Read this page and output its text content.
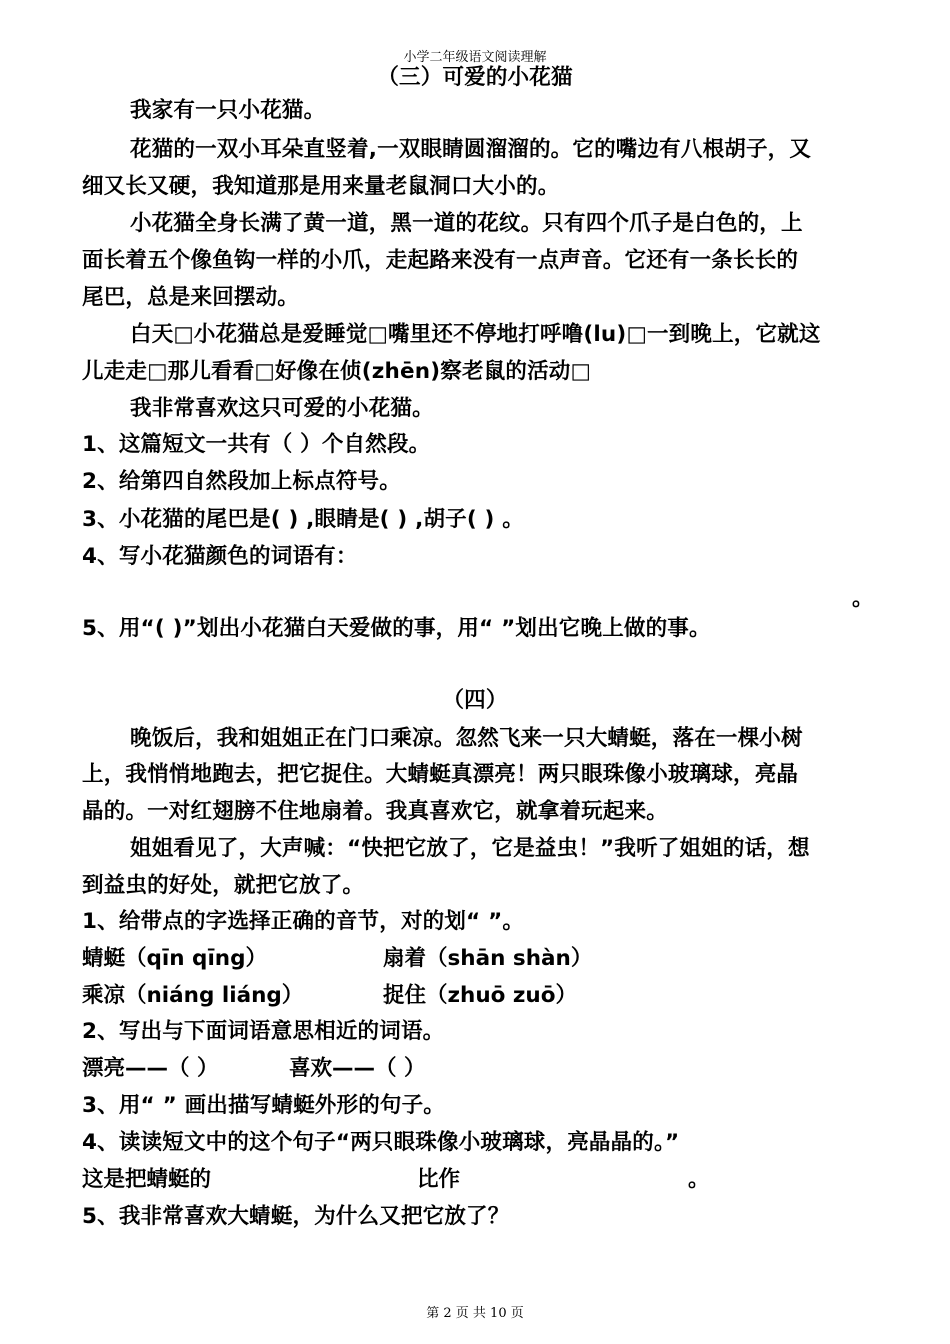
小学二年级语文阅读理解
（三）可爱的小花猫
我家有一只小花猫。
花猫的一双小耳朵直竖着,一双眼睛圆溜溜的。它的嘴边有八根胡子，又
细又长又硬，我知道那是用来量老鼠洞口大小的。
小花猫全身长满了黄一道，黑一道的花纹。只有四个爪子是白色的，上
面长着五个像鱼钩一样的小爪，走起路来没有一点声音。它还有一条长长的
尾巴，总是来回摆动。
白天□小花猫总是爱睡觉□嘴里还不停地打呼噜(lu)□一到晚上，它就这
儿走走□那儿看看□好像在侦(zhēn)察老鼠的活动□
我非常喜欢这只可爱的小花猫。
1、这篇短文一共有（ ）个自然段。
2、给第四自然段加上标点符号。
3、小花猫的尾巴是( ) ,眼睛是( ) ,胡子( ) 。
4、写小花猫颜色的词语有：
。
5、用“( )”划出小花猫白天爱做的事，用“ ”划出它晚上做的事。
（四）
晚饭后，我和姐姐正在门口乘凉。忽然飞来一只大蜻蜓，落在一棵小树
上，我悄悄地跑去，把它捉住。大蜻蜓真漂亮！两只眼珠像小玻璃球，亮晶
晶的。一对红翅膀不住地扇着。我真喜欢它，就拿着玩起来。
姐姐看见了，大声喊：“快把它放了，它是益虫！”我听了姐姐的话，想
到益虫的好处，就把它放了。
1、给带点的字选择正确的音节，对的划“ ”。
蜻蜓（qīn qīng）	扇着（shān shàn）
乘凉（niáng liáng）	捉住（zhuō zuō）
2、写出与下面词语意思相近的词语。
漂亮——（ ）	喜欢——（ ）
3、用“ ” 画出描写蜻蜓外形的句子。
4、读读短文中的这个句子“两只眼珠像小玻璃球，亮晶晶的。”
这是把蜻蜓的	比作	。
5、我非常喜欢大蜻蜓，为什么又把它放了？
第 2 页 共 10 页
